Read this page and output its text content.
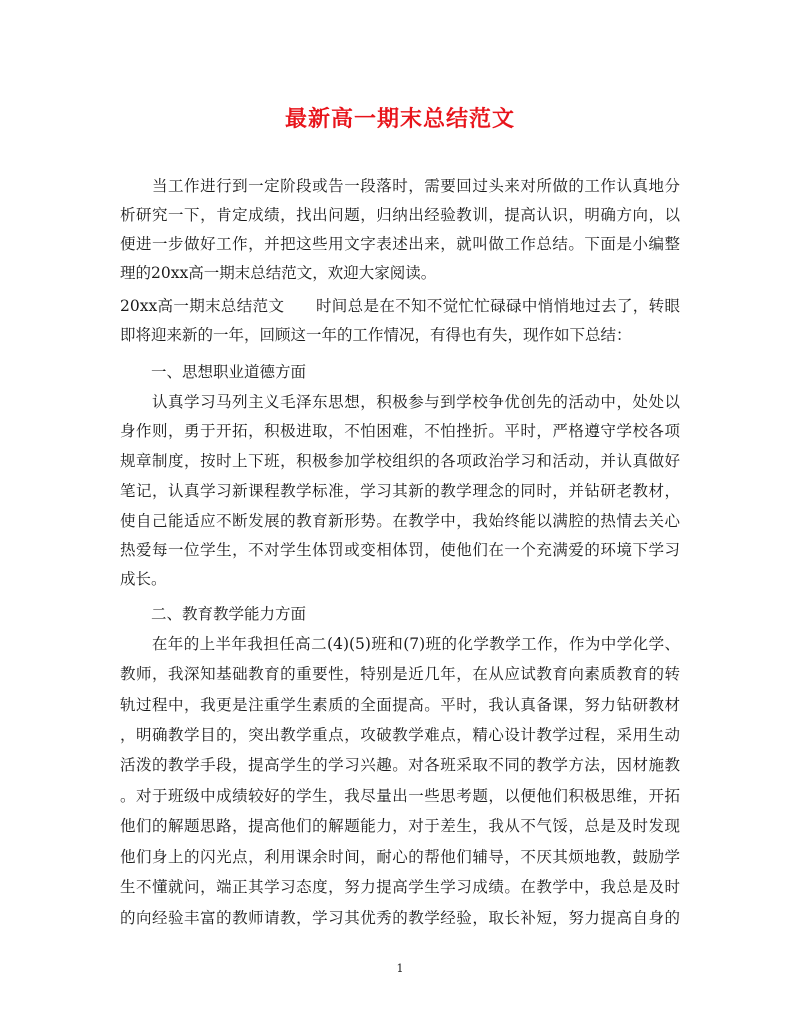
最新高一期末总结范文
　　当工作进行到一定阶段或告一段落时，需要回过头来对所做的工作认真地分
析研究一下，肯定成绩，找出问题，归纳出经验教训，提高认识，明确方向，以
便进一步做好工作，并把这些用文字表述出来，就叫做工作总结。下面是小编整
理的20xx高一期末总结范文，欢迎大家阅读。
20xx高一期末总结范文　　时间总是在不知不觉忙忙碌碌中悄悄地过去了，转眼
即将迎来新的一年，回顾这一年的工作情况，有得也有失，现作如下总结：
　　一、思想职业道德方面
　　认真学习马列主义毛泽东思想，积极参与到学校争优创先的活动中，处处以
身作则，勇于开拓，积极进取，不怕困难，不怕挫折。平时，严格遵守学校各项
规章制度，按时上下班，积极参加学校组织的各项政治学习和活动，并认真做好
笔记，认真学习新课程教学标准，学习其新的教学理念的同时，并钻研老教材，
使自己能适应不断发展的教育新形势。在教学中，我始终能以满腔的热情去关心
热爱每一位学生，不对学生体罚或变相体罚，使他们在一个充满爱的环境下学习
成长。
　　二、教育教学能力方面
　　在年的上半年我担任高二(4)(5)班和(7)班的化学教学工作，作为中学化学、
教师，我深知基础教育的重要性，特别是近几年，在从应试教育向素质教育的转
轨过程中，我更是注重学生素质的全面提高。平时，我认真备课，努力钻研教材
，明确教学目的，突出教学重点，攻破教学难点，精心设计教学过程，采用生动
活泼的教学手段，提高学生的学习兴趣。对各班采取不同的教学方法，因材施教
。对于班级中成绩较好的学生，我尽量出一些思考题，以便他们积极思维，开拓
他们的解题思路，提高他们的解题能力，对于差生，我从不气馁，总是及时发现
他们身上的闪光点，利用课余时间，耐心的帮他们辅导，不厌其烦地教，鼓励学
生不懂就问，端正其学习态度，努力提高学生学习成绩。在教学中，我总是及时
的向经验丰富的教师请教，学习其优秀的教学经验，取长补短，努力提高自身的
1
